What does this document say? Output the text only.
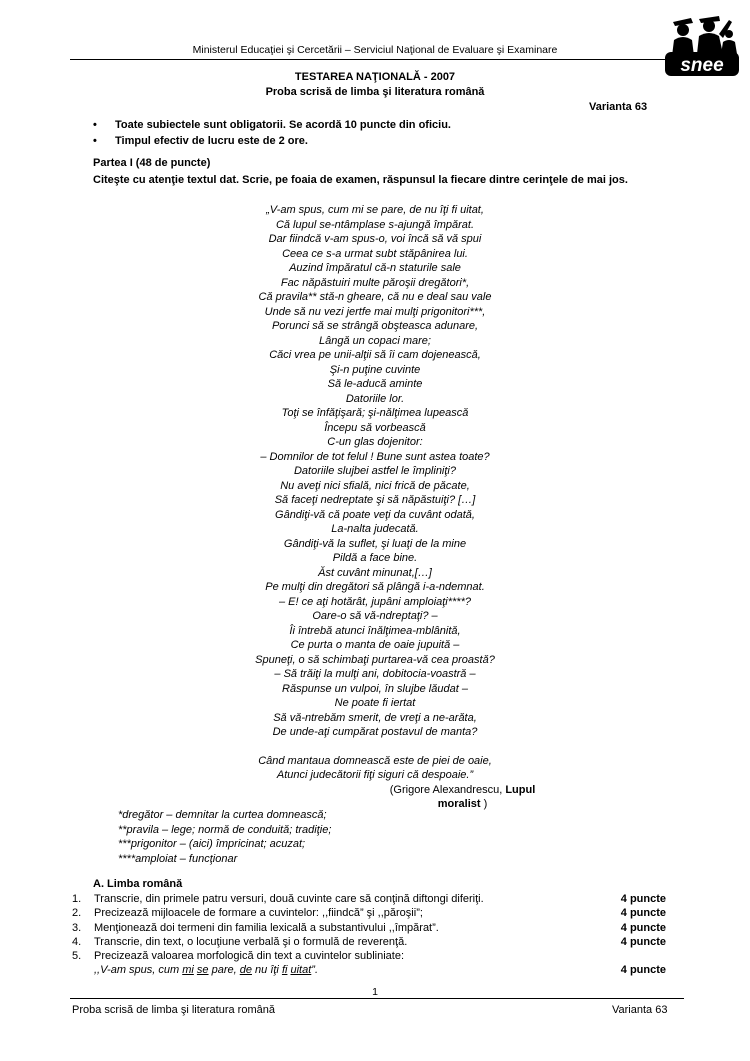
Ministerul Educaţiei şi Cercetării – Serviciul Naţional de Evaluare şi Examinare
snee
TESTAREA NAŢIONALĂ - 2007
Proba scrisă de limba şi literatura română
Varianta 63
• Toate subiectele sunt obligatorii. Se acordă 10 puncte din oficiu.
• Timpul efectiv de lucru este de 2 ore.
Partea I (48 de puncte)
Citeşte cu atenţie textul dat. Scrie, pe foaia de examen, răspunsul la fiecare dintre cerinţele de mai jos.
„V-am spus, cum mi se pare, de nu îţi fi uitat,
Că lupul se-ntâmplase s-ajungă împărat.
Dar fiindcă v-am spus-o, voi încă să vă spui
Ceea ce s-a urmat subt stăpânirea lui.
Auzind împăratul că-n staturile sale
Fac năpăstuiri multe păroşii dregători*,
Că pravila** stă-n gheare, că nu e deal sau vale
Unde să nu vezi jertfe mai mulţi prigonitori***,
Porunci să se strângă obşteasca adunare,
Lângă un copaci mare;
Căci vrea pe unii-alţii să îi cam dojenească,
Şi-n puţine cuvinte
Să le-aducă aminte
Datoriile lor.
Toţi se înfăţişară; şi-nălţimea lupească
Începu să vorbească
C-un glas dojenitor:
– Domnilor de tot felul ! Bune sunt astea toate?
Datoriile slujbei astfel le împliniţi?
Nu aveţi nici sfială, nici frică de păcate,
Să faceţi nedreptate şi să năpăstuiţi? […]
Gândiţi-vă că poate veţi da cuvânt odată,
La-nalta judecată.
Gândiţi-vă la suflet, şi luaţi de la mine
Pildă a face bine.
Ăst cuvânt minunat,[…]
Pe mulţi din dregători să plângă i-a-ndemnat.
– E! ce aţi hotărât, jupâni amploiaţi****?
Oare-o să vă-ndreptaţi? –
Îi întrebă atunci înălţimea-mblânită,
Ce purta o manta de oaie jupuită –
Spuneţi, o să schimbaţi purtarea-vă cea proastă?
– Să trăiţi la mulţi ani, dobitocia-voastră –
Răspunse un vulpoi, în slujbe lăudat –
Ne poate fi iertat
Să vă-ntrebăm smerit, de vreţi a ne-arăta,
De unde-aţi cumpărat postavul de manta?
Când mantaua domnească este de piei de oaie,
Atunci judecătorii fiţi siguri că despoaie.”
(Grigore Alexandrescu, Lupul moralist )
*dregător – demnitar la curtea domnească;
**pravila – lege; normă de conduită; tradiţie;
***prigonitor – (aici) împricinat; acuzat;
****amploiat – funcţionar
A. Limba română
1. Transcrie, din primele patru versuri, două cuvinte care să conţină diftongi diferiţi.	4 puncte
2. Precizează mijloacele de formare a cuvintelor: ,,fiindcă” şi ,,păroşii”;	4 puncte
3. Menţionează doi termeni din familia lexicală a substantivului ,,împărat”.	4 puncte
4. Transcrie, din text, o locuţiune verbală şi o formulă de reverenţă.	4 puncte
5. Precizează valoarea morfologică din text a cuvintelor subliniate:
,,V-am spus, cum mi se pare, de nu îţi fi uitat”.	4 puncte
1
Proba scrisă de limba şi literatura română	Varianta 63
